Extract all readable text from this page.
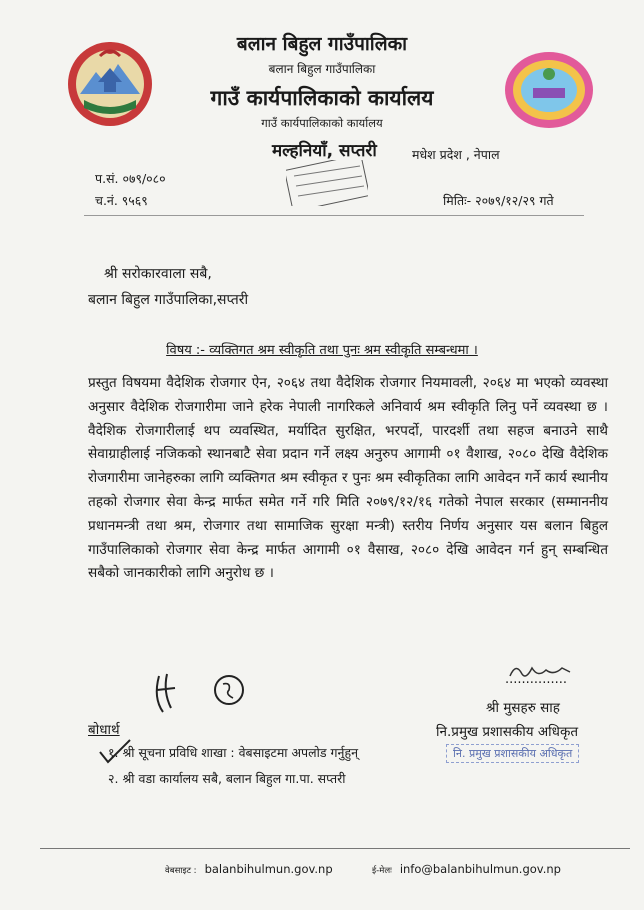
बलान बिहुल गाउँपालिका
बलान बिहुल गाउँपालिका
गाउँ कार्यपालिकाको कार्यालय
गाउँ कार्यपालिकाको कार्यालय
मल्हनियाँ, सप्तरी	मधेश प्रदेश , नेपाल
प.सं. ०७९/०८०
च.नं. ९५६९	मितिः- २०७९/१२/२९ गते
श्री सरोकारवाला सबै,
बलान बिहुल गाउँपालिका,सप्तरी
विषय :- व्यक्तिगत श्रम स्वीकृति तथा पुनः श्रम स्वीकृति सम्बन्धमा ।
प्रस्तुत विषयमा वैदेशिक रोजगार ऐन, २०६४ तथा वैदेशिक रोजगार नियमावली, २०६४ मा भएको व्यवस्था अनुसार वैदेशिक रोजगारीमा जाने हरेक नेपाली नागरिकले अनिवार्य श्रम स्वीकृति लिनु पर्ने व्यवस्था छ । वैदेशिक रोजगारीलाई थप व्यवस्थित, मर्यादित सुरक्षित, भरपर्दो, पारदर्शी तथा सहज बनाउने साथै सेवाग्राहीलाई नजिकको स्थानबाटै सेवा प्रदान गर्ने लक्ष्य अनुरुप आगामी ०१ वैशाख, २०८० देखि वैदेशिक रोजगारीमा जानेहरुका लागि व्यक्तिगत श्रम स्वीकृत र पुनः श्रम स्वीकृतिका लागि आवेदन गर्ने कार्य स्थानीय तहको रोजगार सेवा केन्द्र मार्फत समेत गर्ने गरि मिति २०७९/१२/१६ गतेको नेपाल सरकार (सम्माननीय प्रधानमन्त्री तथा श्रम, रोजगार तथा सामाजिक सुरक्षा मन्त्री) स्तरीय निर्णय अनुसार यस बलान बिहुल गाउँपालिकाको रोजगार सेवा केन्द्र मार्फत आगामी ०१ वैसाख, २०८० देखि आवेदन गर्न हुन् सम्बन्धित सबैको जानकारीको लागि अनुरोध छ ।
...............
श्री मुसहरु साह
नि.प्रमुख प्रशासकीय अधिकृत
नि. प्रमुख प्रशासकीय अधिकृत
बोधार्थ
१. श्री सूचना प्रविधि शाखा : वेबसाइटमा अपलोड गर्नुहुन्
२. श्री वडा कार्यालय सबै, बलान बिहुल गा.पा. सप्तरी
वेबसाइट : balanbihulmun.gov.np	ई-मेलः info@balanbihulmun.gov.np
